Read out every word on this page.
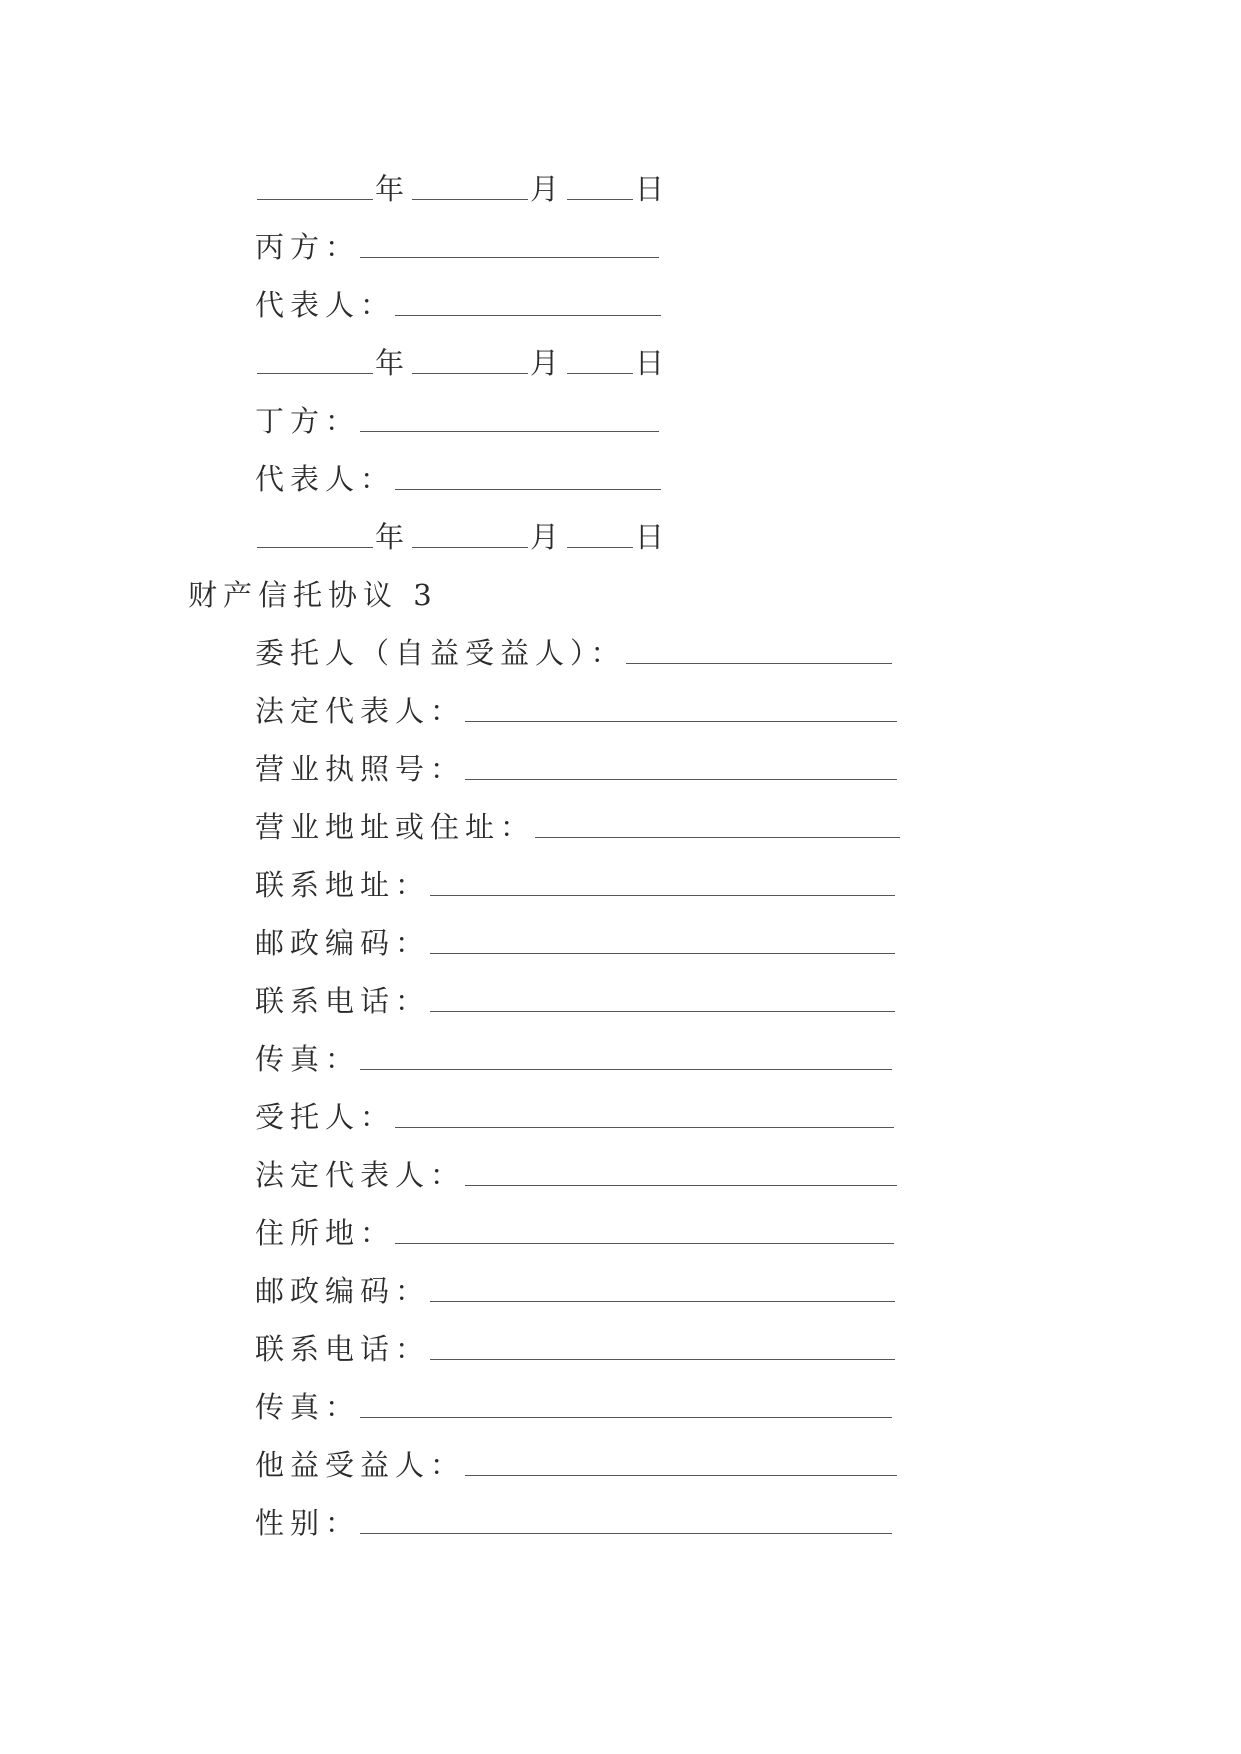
年	月 日
丙方：
代表人：
年	月 日
丁方：
代表人：
年	月 日
财产信托协议 3
委托人（自益受益人）：
法定代表人：
营业执照号：
营业地址或住址：
联系地址：
邮政编码：
联系电话：
传真：
受托人：
法定代表人：
住所地：
邮政编码：
联系电话：
传真：
他益受益人：
性别：
